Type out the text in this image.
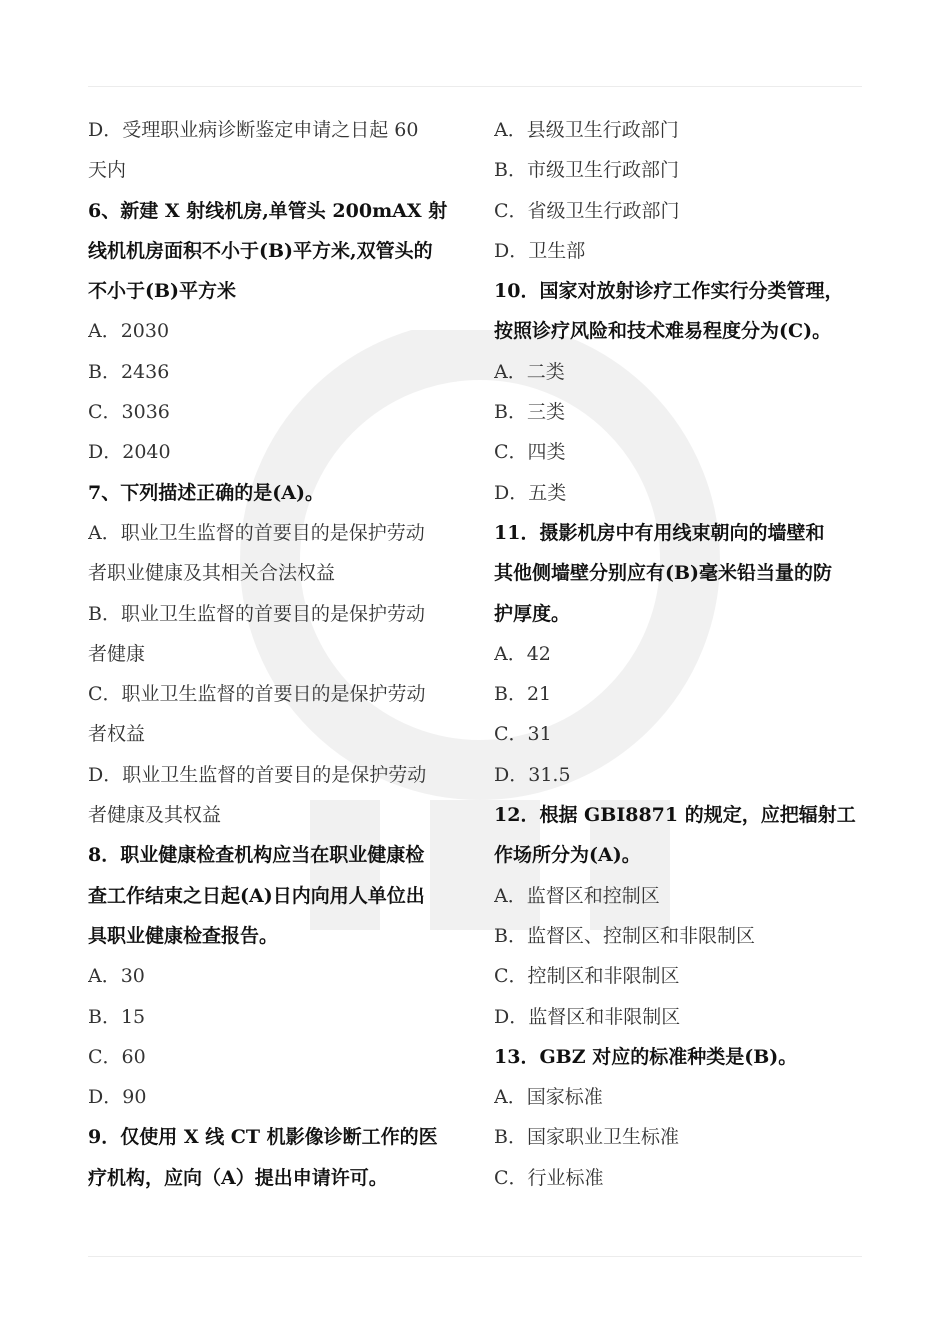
D．受理职业病诊断鉴定申请之日起 60
天内
6、新建 X 射线机房,单管头 200mAX 射
线机机房面积不小于(B)平方米,双管头的
不小于(B)平方米
A．2030
B．2436
C．3036
D．2040
7、下列描述正确的是(A)。
A．职业卫生监督的首要目的是保护劳动
者职业健康及其相关合法权益
B．职业卫生监督的首要目的是保护劳动
者健康
C．职业卫生监督的首要日的是保护劳动
者权益
D．职业卫生监督的首要目的是保护劳动
者健康及其权益
8．职业健康检查机构应当在职业健康检
查工作结束之日起(A)日内向用人单位出
具职业健康检查报告。
A．30
B．15
C．60
D．90
9．仅使用 X 线 CT 机影像诊断工作的医
疗机构，应向（A）提出申请许可。
A．县级卫生行政部门
B．市级卫生行政部门
C．省级卫生行政部门
D．卫生部
10．国家对放射诊疗工作实行分类管理，
按照诊疗风险和技术难易程度分为(C)。
A．二类
B．三类
C．四类
D．五类
11．摄影机房中有用线束朝向的墙壁和
其他侧墙壁分别应有(B)毫米铅当量的防
护厚度。
A．42
B．21
C．31
D．31.5
12．根据 GBI8871 的规定，应把辐射工
作场所分为(A)。
A．监督区和控制区
B．监督区、控制区和非限制区
C．控制区和非限制区
D．监督区和非限制区
13．GBZ 对应的标准种类是(B)。
A．国家标准
B．国家职业卫生标准
C．行业标准
